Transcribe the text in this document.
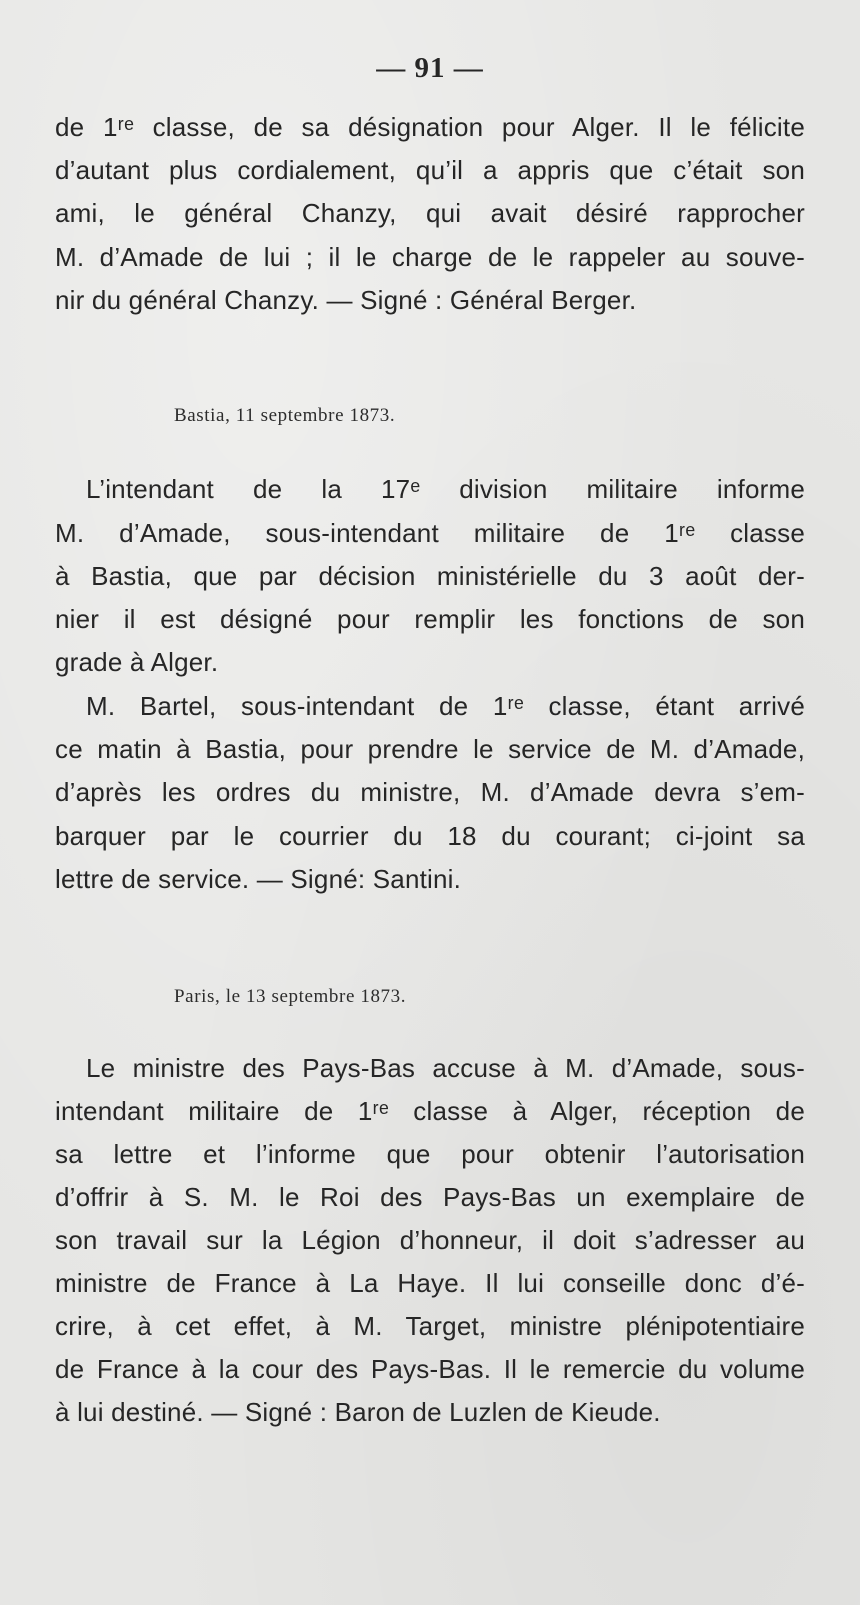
— 91 —
de 1ʳᵉ classe, de sa désignation pour Alger. Il le félicite
d’autant plus cordialement, qu’il a appris que c’était son
ami, le général Chanzy, qui avait désiré rapprocher
M. d’Amade de lui ; il le charge de le rappeler au souve-
nir du général Chanzy. — Signé : Général Berger.
Bastia, 11 septembre 1873.
L’intendant de la 17ᵉ division militaire informe
M. d’Amade, sous-intendant militaire de 1ʳᵉ classe
à Bastia, que par décision ministérielle du 3 août der-
nier il est désigné pour remplir les fonctions de son
grade à Alger.
M. Bartel, sous-intendant de 1ʳᵉ classe, étant arrivé
ce matin à Bastia, pour prendre le service de M. d’Amade,
d’après les ordres du ministre, M. d’Amade devra s’em-
barquer par le courrier du 18 du courant; ci-joint sa
lettre de service. — Signé: Santini.
Paris, le 13 septembre 1873.
Le ministre des Pays-Bas accuse à M. d’Amade, sous-
intendant militaire de 1ʳᵉ classe à Alger, réception de
sa lettre et l’informe que pour obtenir l’autorisation
d’offrir à S. M. le Roi des Pays-Bas un exemplaire de
son travail sur la Légion d’honneur, il doit s’adresser au
ministre de France à La Haye. Il lui conseille donc d’é-
crire, à cet effet, à M. Target, ministre plénipotentiaire
de France à la cour des Pays-Bas. Il le remercie du volume
à lui destiné. — Signé : Baron de Luzlen de Kieude.
